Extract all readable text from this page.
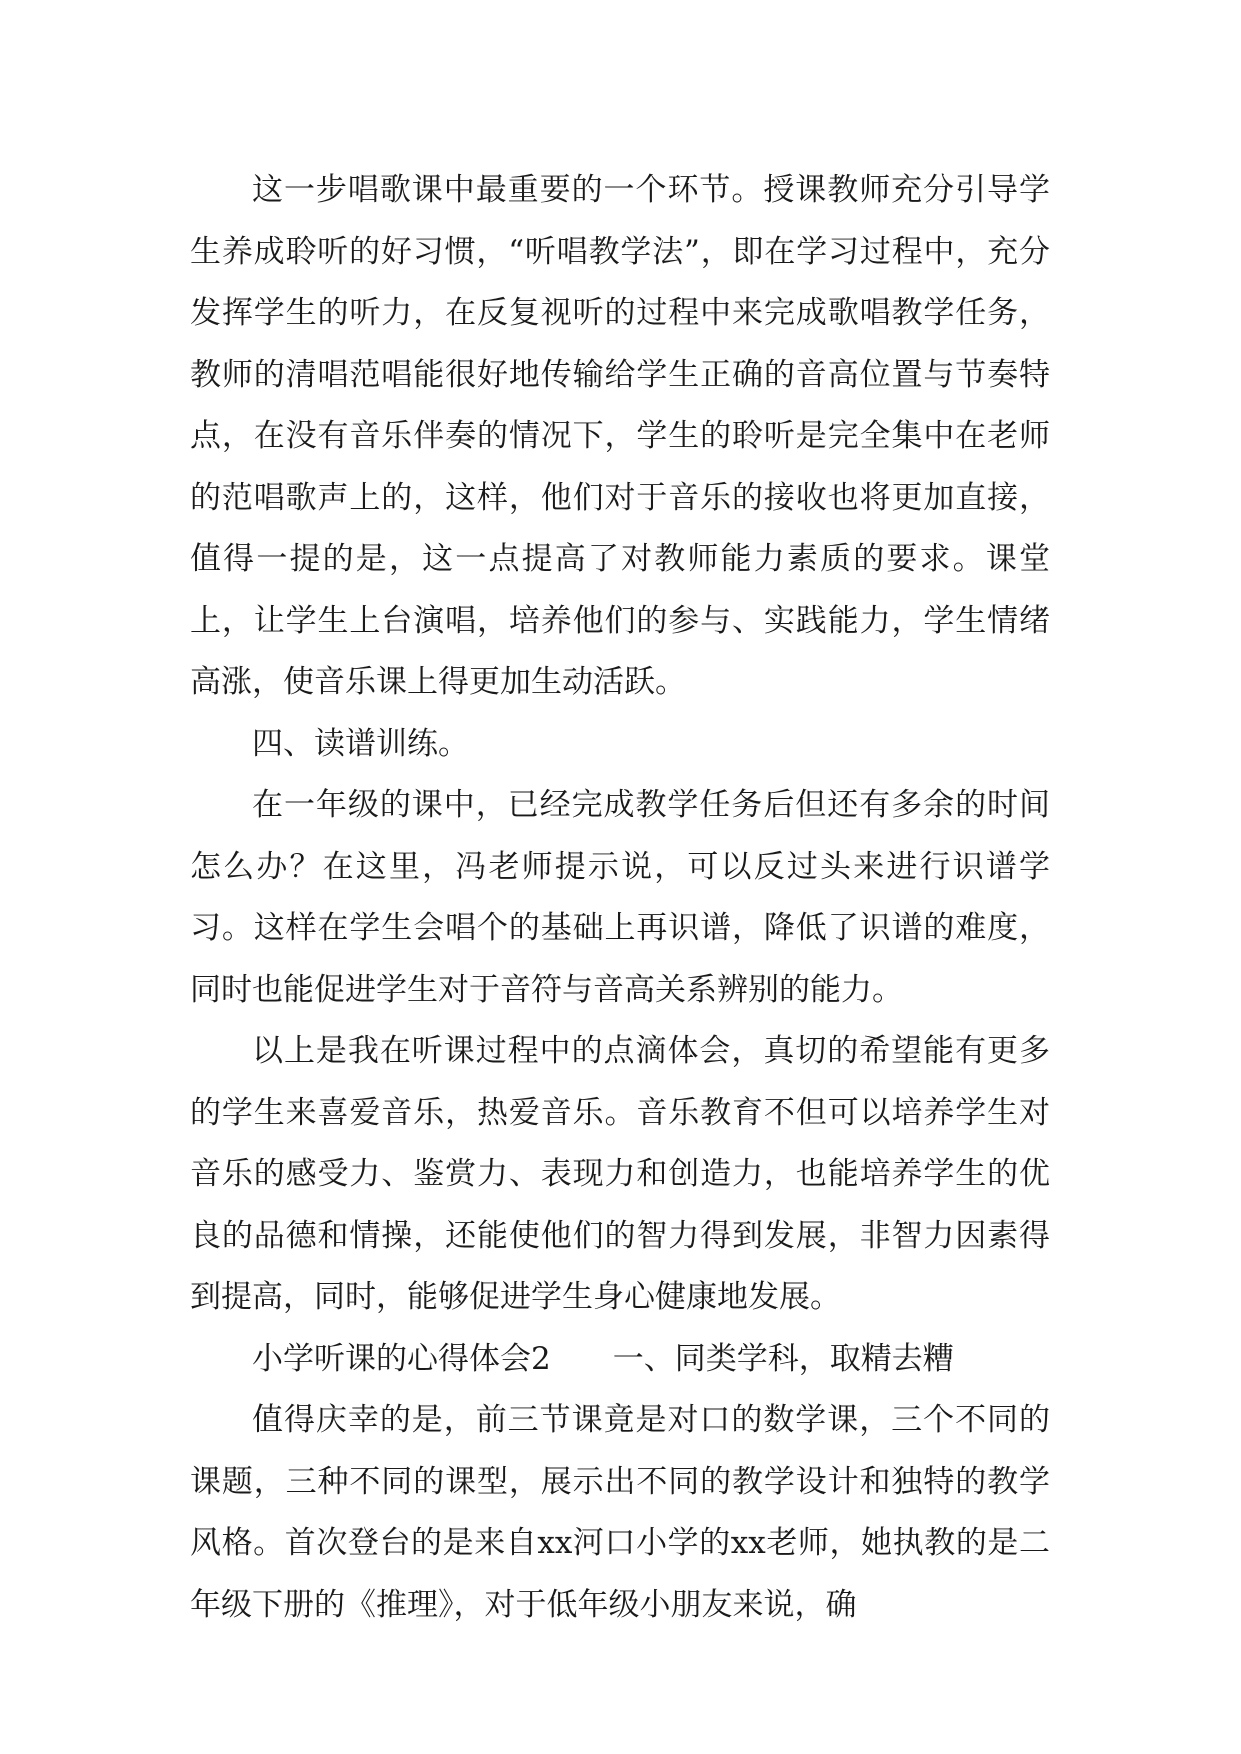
这一步唱歌课中最重要的一个环节。授课教师充分引导学生养成聆听的好习惯，“听唱教学法”，即在学习过程中，充分发挥学生的听力，在反复视听的过程中来完成歌唱教学任务，教师的清唱范唱能很好地传输给学生正确的音高位置与节奏特点，在没有音乐伴奏的情况下，学生的聆听是完全集中在老师的范唱歌声上的，这样，他们对于音乐的接收也将更加直接，值得一提的是，这一点提高了对教师能力素质的要求。课堂上，让学生上台演唱，培养他们的参与、实践能力，学生情绪高涨，使音乐课上得更加生动活跃。

四、读谱训练。

在一年级的课中，已经完成教学任务后但还有多余的时间怎么办？在这里，冯老师提示说，可以反过头来进行识谱学习。这样在学生会唱个的基础上再识谱，降低了识谱的难度，同时也能促进学生对于音符与音高关系辨别的能力。

以上是我在听课过程中的点滴体会，真切的希望能有更多的学生来喜爱音乐，热爱音乐。音乐教育不但可以培养学生对音乐的感受力、鉴赏力、表现力和创造力，也能培养学生的优良的品德和情操，还能使他们的智力得到发展，非智力因素得到提高，同时，能够促进学生身心健康地发展。

小学听课的心得体会2 一、同类学科，取精去糟

值得庆幸的是，前三节课竟是对口的数学课，三个不同的课题，三种不同的课型，展示出不同的教学设计和独特的教学风格。首次登台的是来自xx河口小学的xx老师，她执教的是二年级下册的《推理》，对于低年级小朋友来说，确
